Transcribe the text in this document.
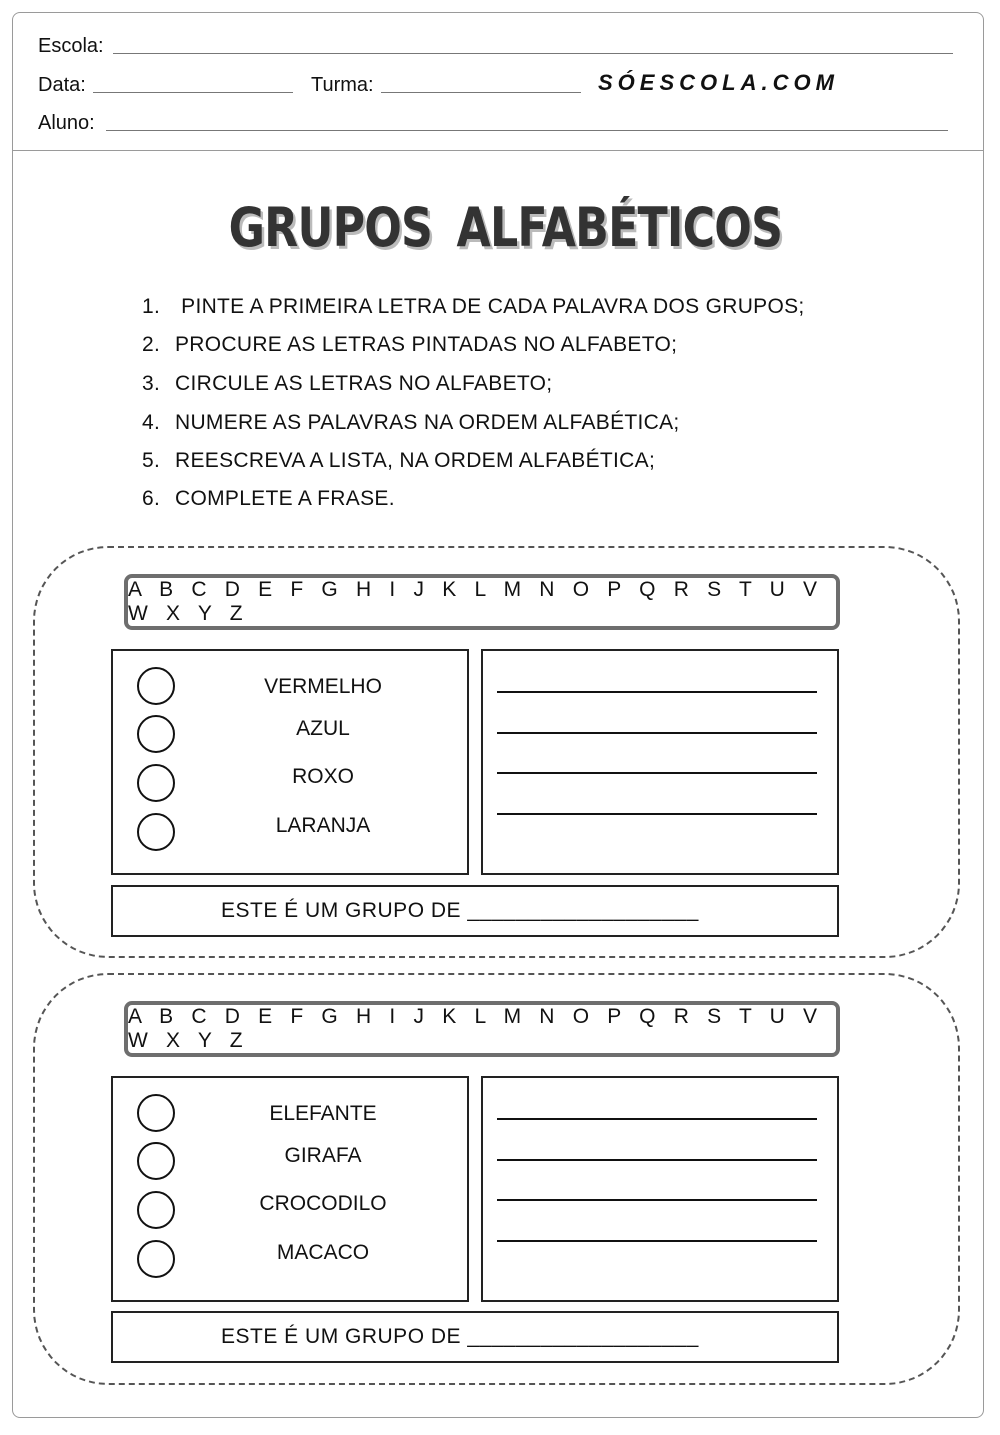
Escola:
Data:	Turma:	SÓESCOLA.COM
Aluno:
GRUPOS ALFABÉTICOS
1. PINTE A PRIMEIRA LETRA DE CADA PALAVRA DOS GRUPOS;
2. PROCURE AS LETRAS PINTADAS NO ALFABETO;
3. CIRCULE AS LETRAS NO ALFABETO;
4. NUMERE AS PALAVRAS NA ORDEM ALFABÉTICA;
5. REESCREVA A LISTA, NA ORDEM ALFABÉTICA;
6. COMPLETE A FRASE.
A B C D E F G H I J K L M N O P Q R S T U V W X Y Z
VERMELHO
AZUL
ROXO
LARANJA
ESTE É UM GRUPO DE ___________________
A B C D E F G H I J K L M N O P Q R S T U V W X Y Z
ELEFANTE
GIRAFA
CROCODILO
MACACO
ESTE É UM GRUPO DE ___________________
